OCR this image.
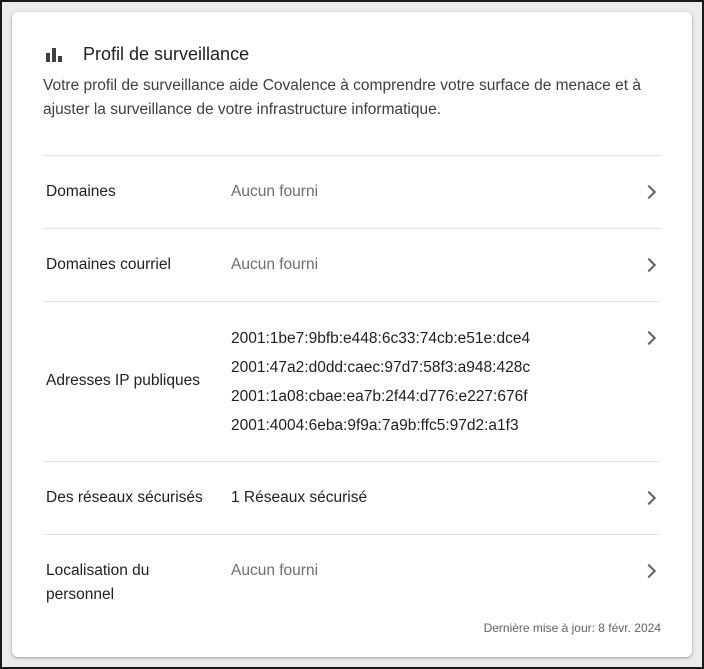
Profil de surveillance
Votre profil de surveillance aide Covalence à comprendre votre surface de menace et à ajuster la surveillance de votre infrastructure informatique.
Domaines	Aucun fourni
Domaines courriel	Aucun fourni
Adresses IP publiques
2001:1be7:9bfb:e448:6c33:74cb:e51e:dce4
2001:47a2:d0dd:caec:97d7:58f3:a948:428c
2001:1a08:cbae:ea7b:2f44:d776:e227:676f
2001:4004:6eba:9f9a:7a9b:ffc5:97d2:a1f3
Des réseaux sécurisés 1 Réseaux sécurisé
Localisation du
personnel
Aucun fourni
Dernière mise à jour: 8 févr. 2024
